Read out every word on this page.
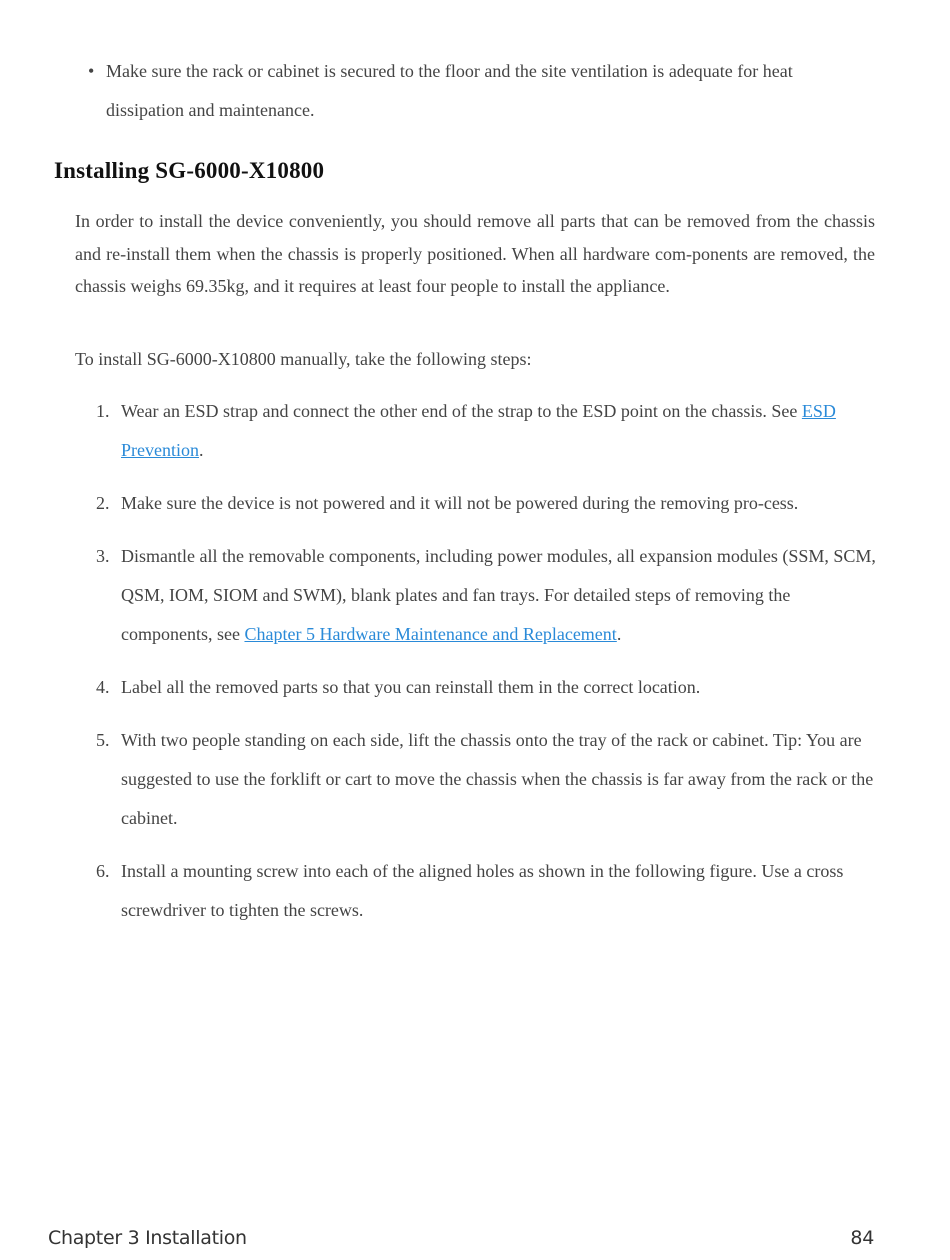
• Make sure the rack or cabinet is secured to the floor and the site ventilation is adequate for heat dissipation and maintenance.
Installing SG-6000-X10800

In order to install the device conveniently, you should remove all parts that can be removed from the chassis and re-install them when the chassis is properly positioned. When all hardware com-ponents are removed, the chassis weighs 69.35kg, and it requires at least four people to install the appliance.

To install SG-6000-X10800 manually, take the following steps:

1. Wear an ESD strap and connect the other end of the strap to the ESD point on the chassis. See ESD Prevention.
2. Make sure the device is not powered and it will not be powered during the removing pro-cess.
3. Dismantle all the removable components, including power modules, all expansion modules (SSM, SCM, QSM, IOM, SIOM and SWM), blank plates and fan trays. For detailed steps of removing the components, see Chapter 5 Hardware Maintenance and Replacement.
4. Label all the removed parts so that you can reinstall them in the correct location.
5. With two people standing on each side, lift the chassis onto the tray of the rack or cabinet. Tip: You are suggested to use the forklift or cart to move the chassis when the chassis is far away from the rack or the cabinet.
6. Install a mounting screw into each of the aligned holes as shown in the following figure. Use a cross screwdriver to tighten the screws.
Chapter 3 Installation	84
